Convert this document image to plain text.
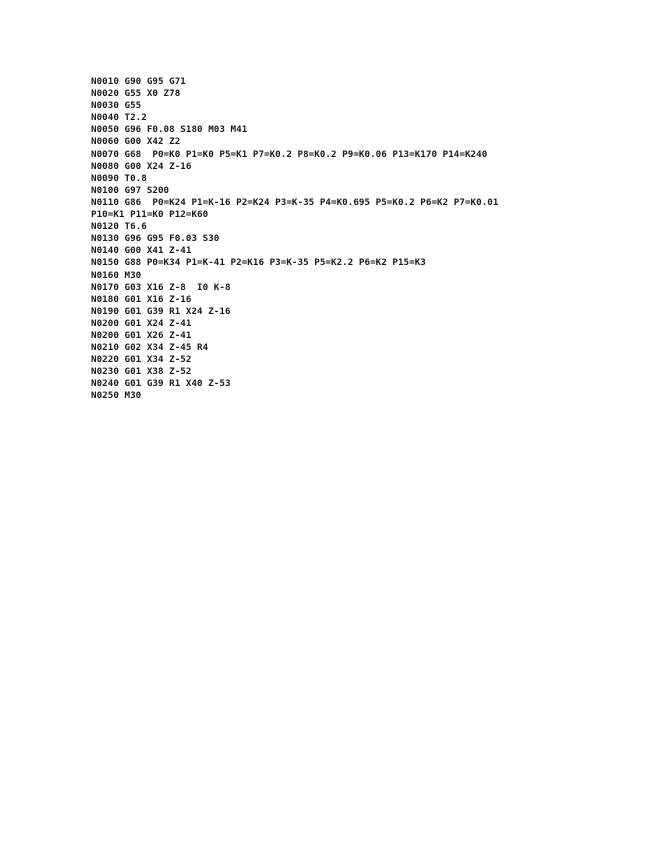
N0010 G90 G95 G71
N0020 G55 X0 Z78
N0030 G55
N0040 T2.2
N0050 G96 F0.08 S180 M03 M41
N0060 G00 X42 Z2
N0070 G68  P0=K0 P1=K0 P5=K1 P7=K0.2 P8=K0.2 P9=K0.06 P13=K170 P14=K240
N0080 G00 X24 Z-16
N0090 T0.8
N0100 G97 S200
N0110 G86  P0=K24 P1=K-16 P2=K24 P3=K-35 P4=K0.695 P5=K0.2 P6=K2 P7=K0.01
P10=K1 P11=K0 P12=K60
N0120 T6.6
N0130 G96 G95 F0.03 S30
N0140 G00 X41 Z-41
N0150 G88 P0=K34 P1=K-41 P2=K16 P3=K-35 P5=K2.2 P6=K2 P15=K3
N0160 M30
N0170 G03 X16 Z-8  I0 K-8
N0180 G01 X16 Z-16
N0190 G01 G39 R1 X24 Z-16
N0200 G01 X24 Z-41
N0200 G01 X26 Z-41
N0210 G02 X34 Z-45 R4
N0220 G01 X34 Z-52
N0230 G01 X38 Z-52
N0240 G01 G39 R1 X40 Z-53
N0250 M30
